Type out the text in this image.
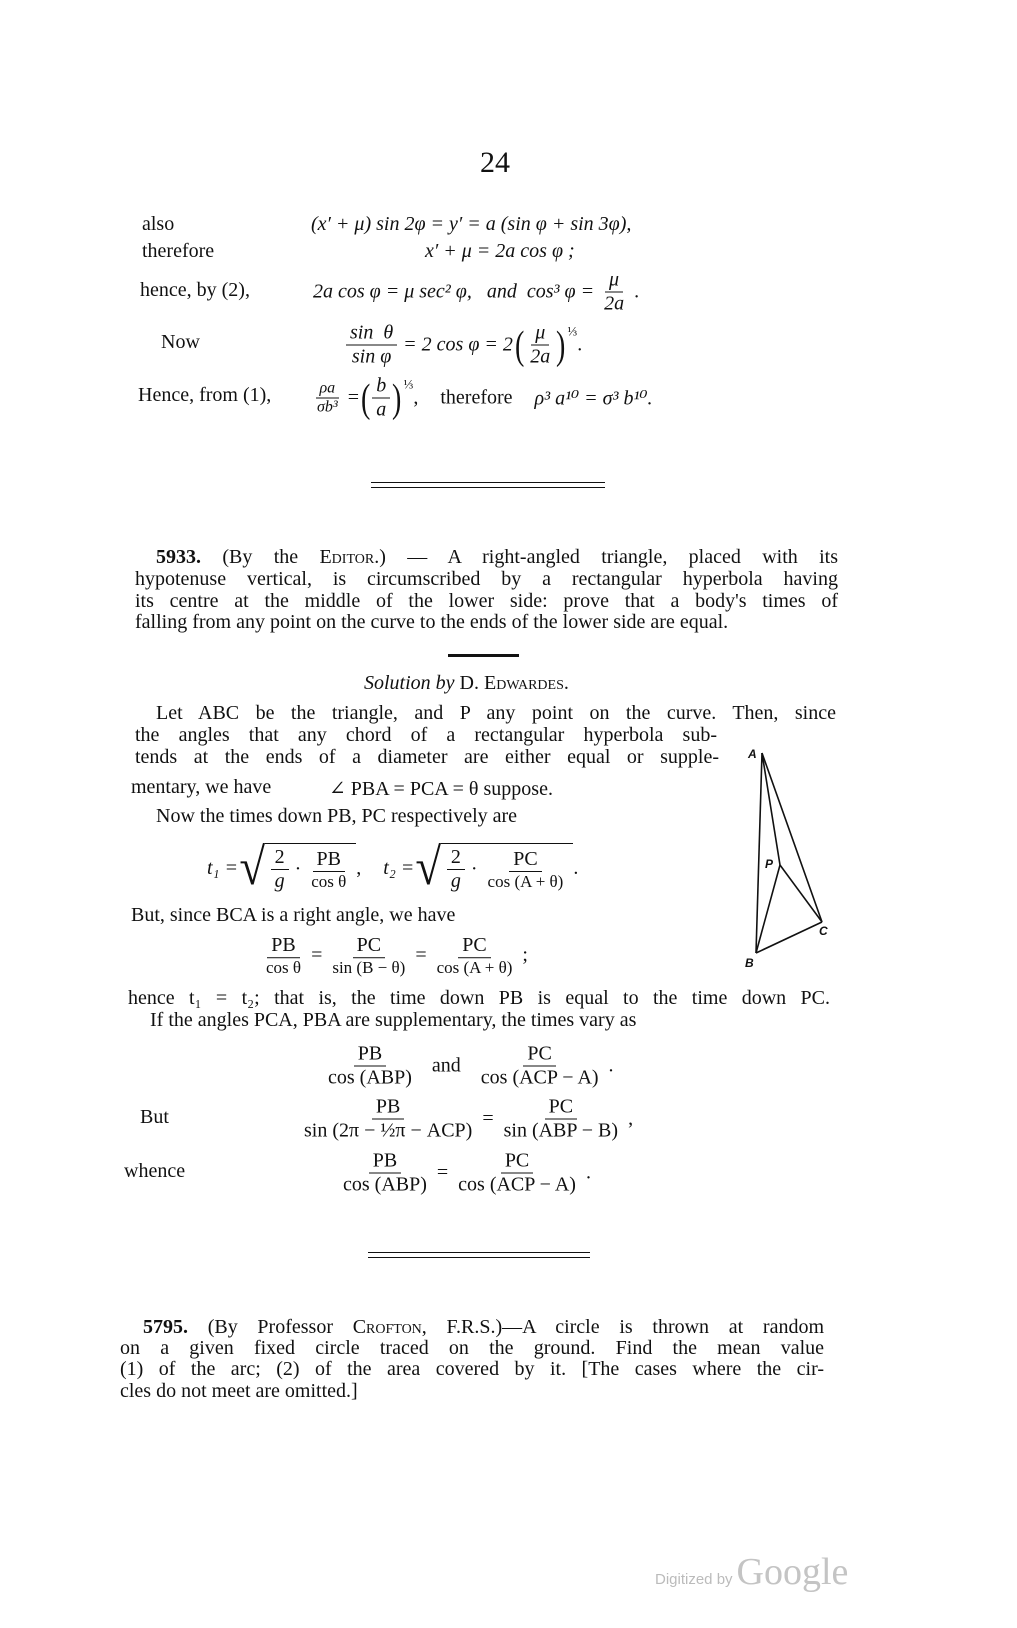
24
also	(x′ + μ) sin 2φ = y′ = a (sin φ + sin 3φ),
therefore	x′ + μ = 2a cos φ ;
hence, by (2),	2a cos φ = μ sec² φ,   and  cos³ $\varphi = \frac{\mu}{2a}$ .
Now	$\frac{\text{sin  θ}}{\text{sin φ}} = 2$ cos φ = 2 ( $\frac{\mu}{2a}$ ) ⅓
.
Hence, from (1),	$\frac{\rho a}{\text{σb³}}$ = ( $\frac{b}{a}$ ) ⅓
, therefore ρ³ a¹⁰ = σ³ b¹⁰.
5933. (By the Editor.) — A right-angled triangle, placed with its
hypotenuse vertical, is circumscribed by a rectangular hyperbola having
its centre at the middle of the lower side: prove that a body's times of
falling from any point on the curve to the ends of the lower side are equal.
Solution by D. Edwardes.
Let ABC be the triangle, and P any point on the curve. Then, since
the angles that any chord of a rectangular hyperbola sub-
tends at the ends of a diameter are either equal or supple-
mentary, we have	∠ PBA = PCA = θ suppose.
Now the times down PB, PC respectively are
t₁ = √ $\frac{2}{g} \cdot \frac{PB}{\text{cos θ}}$ , t₂ = √ $\frac{2}{g} \cdot \frac{PC}{\cos (A + \theta)}$ .
But, since BCA is a right angle, we have
$\frac{PB}{\text{cos θ}} = \frac{PC}{\sin (B - \theta)} = \frac{PC}{\cos (A + \theta)}$ ;
hence t₁ = t₂; that is, the time down PB is equal to the time down PC.
If the angles PCA, PBA are supplementary, the times vary as
$\frac{PB}{\text{cos (ABP)}}$ and $\frac{PC}{\text{cos (ACP − A)}}$ .
But	$\frac{PB}{\text{sin (2π − ½π − ACP)}} = \frac{PC}{\text{sin (ABP − B)}}$ ,
whence	$\frac{PB}{\text{cos (ABP)}} = \frac{PC}{\text{cos (ACP − A)}}$ .
A
P
C
B
5795. (By Professor Crofton, F.R.S.)—A circle is thrown at random
on a given fixed circle traced on the ground. Find the mean value
(1) of the arc; (2) of the area covered by it. [The cases where the cir-
cles do not meet are omitted.]
Digitized by Google
